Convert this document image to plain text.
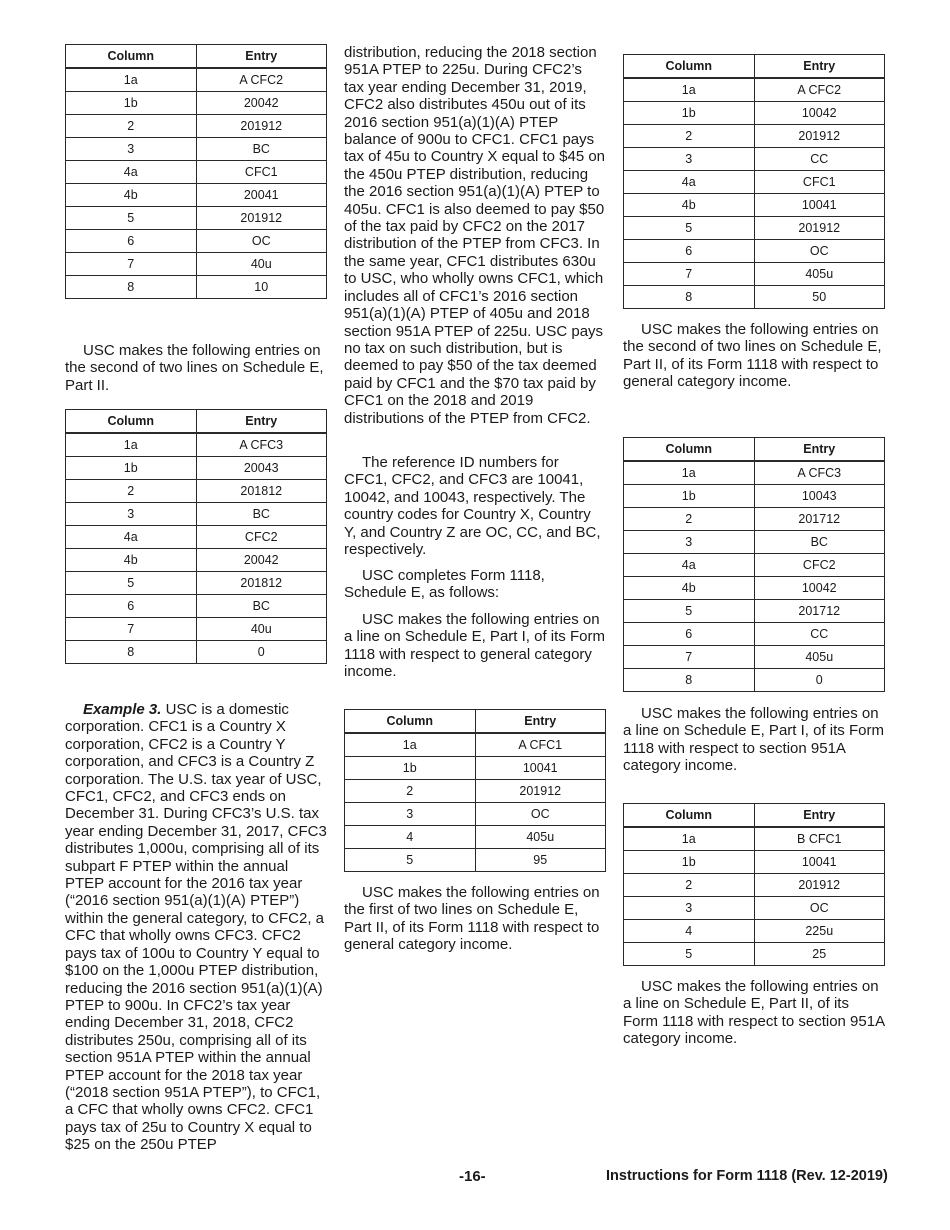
Column	Entry
1a	A CFC2
1b	20042
2	201912
3	BC
4a	CFC1
4b	20041
5	201912
6	OC
7	40u
8	10

USC makes the following entries on the second of two lines on Schedule E, Part II.

Column	Entry
1a	A CFC3
1b	20043
2	201812
3	BC
4a	CFC2
4b	20042
5	201812
6	BC
7	40u
8	0

Example 3. USC is a domestic corporation. CFC1 is a Country X corporation, CFC2 is a Country Y corporation, and CFC3 is a Country Z corporation. The U.S. tax year of USC, CFC1, CFC2, and CFC3 ends on December 31. During CFC3’s U.S. tax year ending December 31, 2017, CFC3 distributes 1,000u, comprising all of its subpart F PTEP within the annual PTEP account for the 2016 tax year (“2016 section 951(a)(1)(A) PTEP”) within the general category, to CFC2, a CFC that wholly owns CFC3. CFC2 pays tax of 100u to Country Y equal to $100 on the 1,000u PTEP distribution, reducing the 2016 section 951(a)(1)(A) PTEP to 900u. In CFC2’s tax year ending December 31, 2018, CFC2 distributes 250u, comprising all of its section 951A PTEP within the annual PTEP account for the 2018 tax year (“2018 section 951A PTEP”), to CFC1, a CFC that wholly owns CFC2. CFC1 pays tax of 25u to Country X equal to $25 on the 250u PTEP

distribution, reducing the 2018 section 951A PTEP to 225u. During CFC2’s tax year ending December 31, 2019, CFC2 also distributes 450u out of its 2016 section 951(a)(1)(A) PTEP balance of 900u to CFC1. CFC1 pays tax of 45u to Country X equal to $45 on the 450u PTEP distribution, reducing the 2016 section 951(a)(1)(A) PTEP to 405u. CFC1 is also deemed to pay $50 of the tax paid by CFC2 on the 2017 distribution of the PTEP from CFC3. In the same year, CFC1 distributes 630u to USC, who wholly owns CFC1, which includes all of CFC1’s 2016 section 951(a)(1)(A) PTEP of 405u and 2018 section 951A PTEP of 225u. USC pays no tax on such distribution, but is deemed to pay $50 of the tax deemed paid by CFC1 and the $70 tax paid by CFC1 on the 2018 and 2019 distributions of the PTEP from CFC2.

The reference ID numbers for CFC1, CFC2, and CFC3 are 10041, 10042, and 10043, respectively. The country codes for Country X, Country Y, and Country Z are OC, CC, and BC, respectively.

USC completes Form 1118, Schedule E, as follows:

USC makes the following entries on a line on Schedule E, Part I, of its Form 1118 with respect to general category income.

Column	Entry
1a	A CFC1
1b	10041
2	201912
3	OC
4	405u
5	95

USC makes the following entries on the first of two lines on Schedule E, Part II, of its Form 1118 with respect to general category income.

Column	Entry
1a	A CFC2
1b	10042
2	201912
3	CC
4a	CFC1
4b	10041
5	201912
6	OC
7	405u
8	50

USC makes the following entries on the second of two lines on Schedule E, Part II, of its Form 1118 with respect to general category income.

Column	Entry
1a	A CFC3
1b	10043
2	201712
3	BC
4a	CFC2
4b	10042
5	201712
6	CC
7	405u
8	0

USC makes the following entries on a line on Schedule E, Part I, of its Form 1118 with respect to section 951A category income.

Column	Entry
1a	B CFC1
1b	10041
2	201912
3	OC
4	225u
5	25

USC makes the following entries on a line on Schedule E, Part II, of its Form 1118 with respect to section 951A category income.

-16-	Instructions for Form 1118 (Rev. 12-2019)
